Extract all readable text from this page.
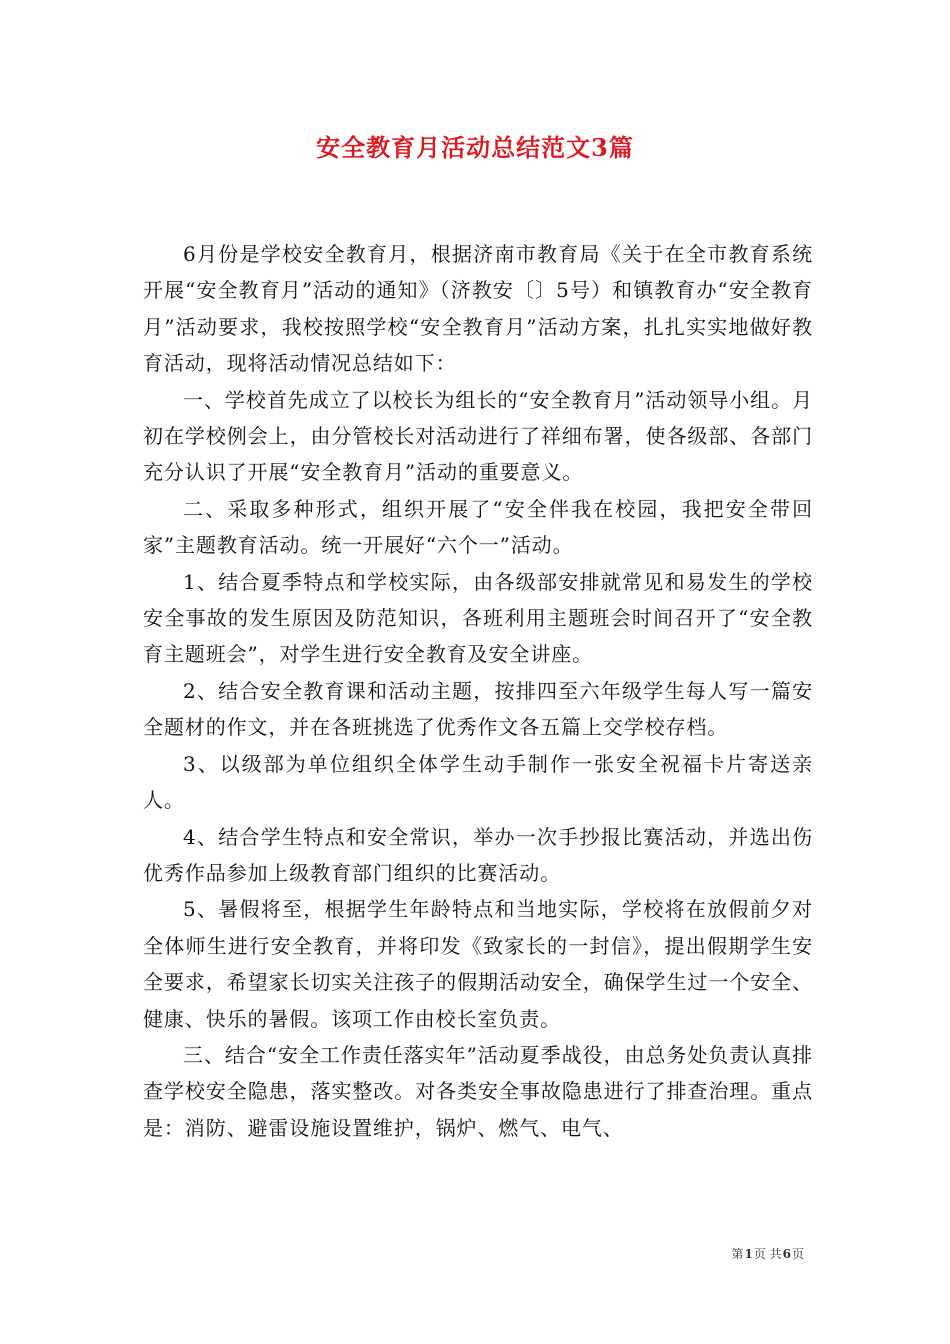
安全教育月活动总结范文3篇

6月份是学校安全教育月，根据济南市教育局《关于在全市教育系统开展“安全教育月”活动的通知》（济教安〔〕5号）和镇教育办“安全教育月”活动要求，我校按照学校“安全教育月”活动方案，扎扎实实地做好教育活动，现将活动情况总结如下：

一、学校首先成立了以校长为组长的“安全教育月”活动领导小组。月初在学校例会上，由分管校长对活动进行了祥细布署，使各级部、各部门充分认识了开展“安全教育月”活动的重要意义。

二、采取多种形式，组织开展了“安全伴我在校园，我把安全带回家”主题教育活动。统一开展好“六个一”活动。

1、结合夏季特点和学校实际，由各级部安排就常见和易发生的学校安全事故的发生原因及防范知识，各班利用主题班会时间召开了“安全教育主题班会”，对学生进行安全教育及安全讲座。

2、结合安全教育课和活动主题，按排四至六年级学生每人写一篇安全题材的作文，并在各班挑选了优秀作文各五篇上交学校存档。

3、以级部为单位组织全体学生动手制作一张安全祝福卡片寄送亲人。

4、结合学生特点和安全常识，举办一次手抄报比赛活动，并选出伤优秀作品参加上级教育部门组织的比赛活动。

5、暑假将至，根据学生年龄特点和当地实际，学校将在放假前夕对全体师生进行安全教育，并将印发《致家长的一封信》，提出假期学生安全要求，希望家长切实关注孩子的假期活动安全，确保学生过一个安全、健康、快乐的暑假。该项工作由校长室负责。

三、结合“安全工作责任落实年”活动夏季战役，由总务处负责认真排查学校安全隐患，落实整改。对各类安全事故隐患进行了排查治理。重点是：消防、避雷设施设置维护，锅炉、燃气、电气、

第1页 共6页
